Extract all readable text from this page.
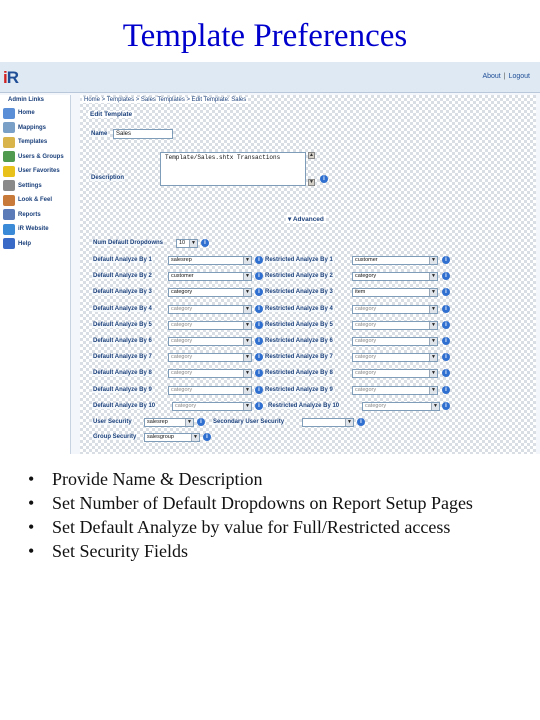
Template Preferences
iR	About | Logout
Admin Links
Home
Mappings
Templates
Users & Groups
User Favorites
Settings
Look & Feel
Reports
iR Website
Help
Home > Templates > Sales Templates > Edit Template: Sales
Edit Template
Name	Sales
Template/Sales.shtx Transactions	▲
▼	i
Description
▾ Advanced
Num Default Dropdowns	10	▼	i
User Security	salesrep	▼	i	Secondary User Security	▼	i
Group Security	salesgroup	▼	i
Default Analyze By 1	salesrep	▼	i Restricted Analyze By 1	customer	▼	i
Default Analyze By 2	customer	▼	i Restricted Analyze By 2	category	▼	i
Default Analyze By 3	category	▼	i Restricted Analyze By 3	item	▼	i
Default Analyze By 4	category	▼	i Restricted Analyze By 4	category	▼	i
Default Analyze By 5	category	▼	i Restricted Analyze By 5	category	▼	i
Default Analyze By 6	category	▼	i Restricted Analyze By 6	category	▼	i
Default Analyze By 7	category	▼	i Restricted Analyze By 7	category	▼	i
Default Analyze By 8	category	▼	i Restricted Analyze By 8	category	▼	i
Default Analyze By 9	category	▼	i Restricted Analyze By 9	category	▼	i
Default Analyze By 10	category	▼	i	Restricted Analyze By 10	category	▼	i
• Provide Name & Description
• Set Number of Default Dropdowns on Report Setup Pages
• Set Default Analyze by value for Full/Restricted access
• Set Security Fields
